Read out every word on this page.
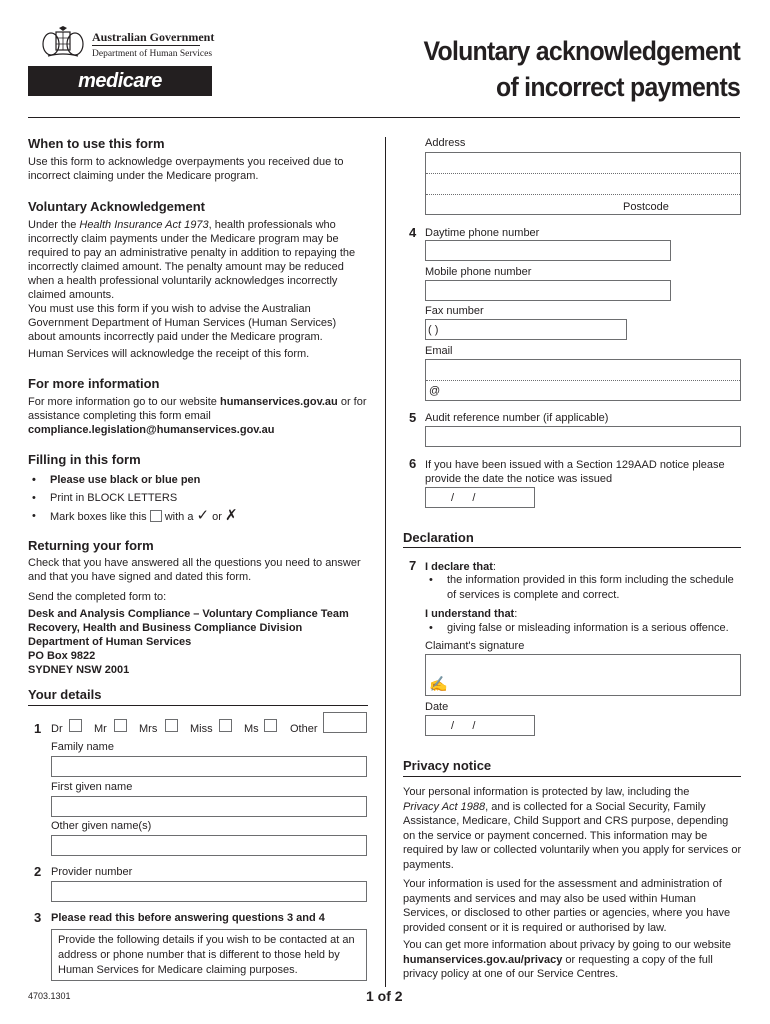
Australian Government
Department of Human Services
medicare
Voluntary acknowledgement
of incorrect payments
When to use this form
Use this form to acknowledge overpayments you received due to incorrect claiming under the Medicare program.
Voluntary Acknowledgement
Under the Health Insurance Act 1973, health professionals who incorrectly claim payments under the Medicare program may be required to pay an administrative penalty in addition to repaying the incorrectly claimed amount. The penalty amount may be reduced when a health professional voluntarily acknowledges incorrectly claimed amounts.
You must use this form if you wish to advise the Australian Government Department of Human Services (Human Services) about amounts incorrectly paid under the Medicare program.
Human Services will acknowledge the receipt of this form.
For more information
For more information go to our website humanservices.gov.au or for assistance completing this form email
compliance.legislation@humanservices.gov.au
Filling in this form
• Please use black or blue pen
• Print in BLOCK LETTERS
• Mark boxes like this with a ✓ or ✗
Returning your form
Check that you have answered all the questions you need to answer and that you have signed and dated this form.
Send the completed form to:
Desk and Analysis Compliance – Voluntary Compliance Team
Recovery, Health and Business Compliance Division
Department of Human Services
PO Box 9822
SYDNEY NSW 2001
Your details
1 Dr	Mr	Mrs	Miss	Ms	Other
Family name
First given name
Other given name(s)
2 Provider number
3 Please read this before answering questions 3 and 4
Provide the following details if you wish to be contacted at an address or phone number that is different to those held by Human Services for Medicare claiming purposes.
Address
Postcode
4 Daytime phone number
Mobile phone number
Fax number
( )
Email
@
5 Audit reference number (if applicable)
6 If you have been issued with a Section 129AAD notice please provide the date the notice was issued
/      /
Declaration
7 I declare that:
• the information provided in this form including the schedule of services is complete and correct.
I understand that:
• giving false or misleading information is a serious offence.
Claimant's signature
✍
Date
/      /
Privacy notice
Your personal information is protected by law, including the
Privacy Act 1988, and is collected for a Social Security, Family Assistance, Medicare, Child Support and CRS purpose, depending on the service or payment concerned. This information may be required by law or collected voluntarily when you apply for services or payments.
Your information is used for the assessment and administration of payments and services and may also be used within Human Services, or disclosed to other parties or agencies, where you have provided consent or it is required or authorised by law.
You can get more information about privacy by going to our website humanservices.gov.au/privacy or requesting a copy of the full privacy policy at one of our Service Centres.
4703.1301	1 of 2
